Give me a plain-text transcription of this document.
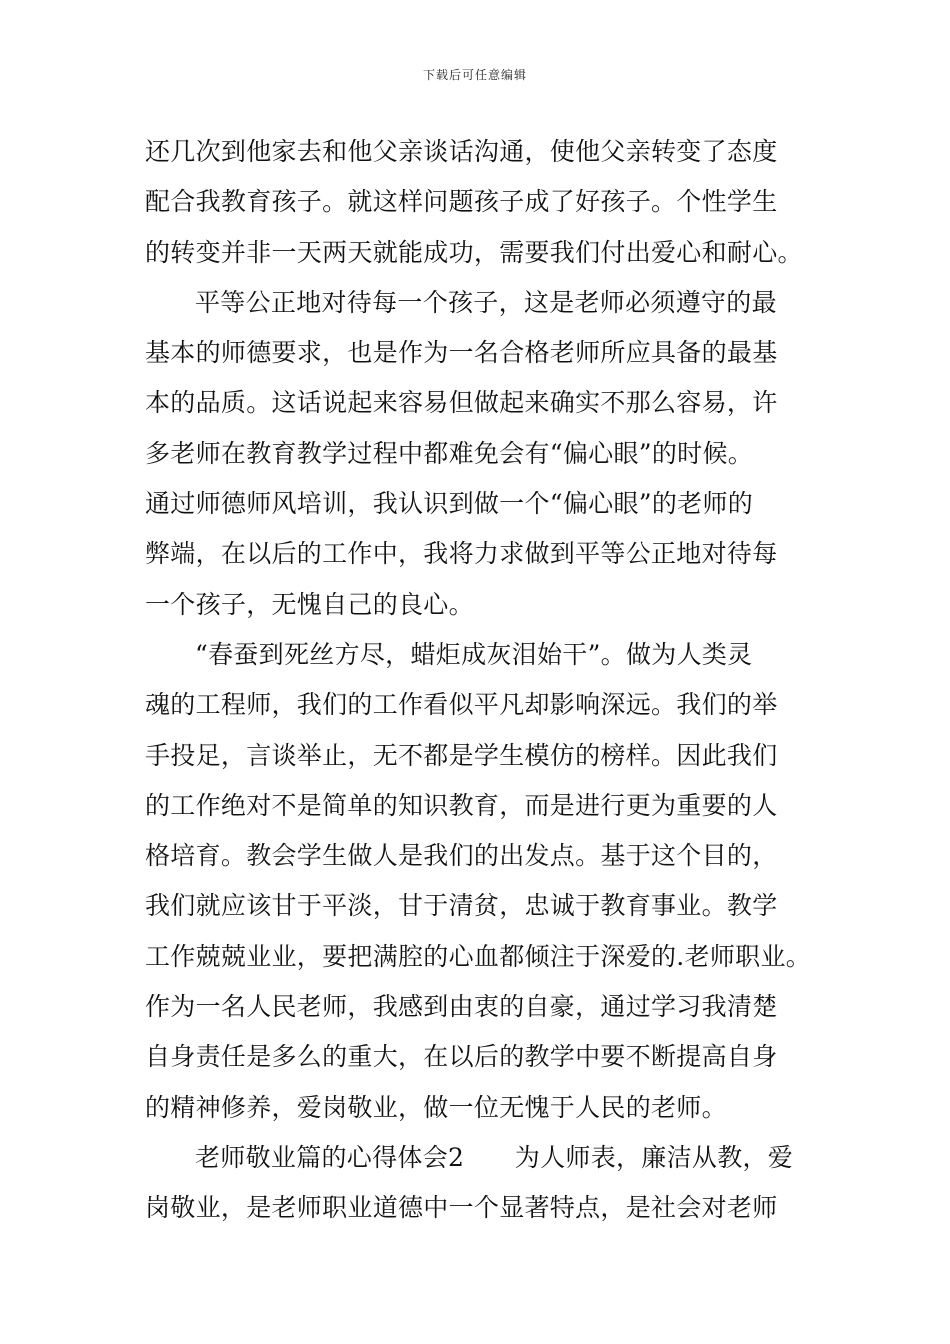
下载后可任意编辑
还几次到他家去和他父亲谈话沟通，使他父亲转变了态度
配合我教育孩子。就这样问题孩子成了好孩子。个性学生
的转变并非一天两天就能成功，需要我们付出爱心和耐心。
平等公正地对待每一个孩子，这是老师必须遵守的最
基本的师德要求，也是作为一名合格老师所应具备的最基
本的品质。这话说起来容易但做起来确实不那么容易，许
多老师在教育教学过程中都难免会有“偏心眼”的时候。
通过师德师风培训，我认识到做一个“偏心眼”的老师的
弊端，在以后的工作中，我将力求做到平等公正地对待每
一个孩子，无愧自己的良心。
“春蚕到死丝方尽，蜡炬成灰泪始干”。做为人类灵
魂的工程师，我们的工作看似平凡却影响深远。我们的举
手投足，言谈举止，无不都是学生模仿的榜样。因此我们
的工作绝对不是简单的知识教育，而是进行更为重要的人
格培育。教会学生做人是我们的出发点。基于这个目的，
我们就应该甘于平淡，甘于清贫，忠诚于教育事业。教学
工作兢兢业业，要把满腔的心血都倾注于深爱的.老师职业。
作为一名人民老师，我感到由衷的自豪，通过学习我清楚
自身责任是多么的重大，在以后的教学中要不断提高自身
的精神修养，爱岗敬业，做一位无愧于人民的老师。
老师敬业篇的心得体会2　　为人师表，廉洁从教，爱
岗敬业，是老师职业道德中一个显著特点，是社会对老师
